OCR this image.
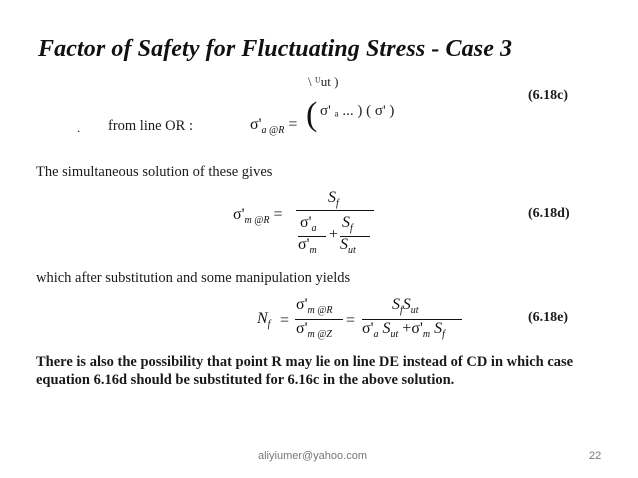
Factor of Safety for Fluctuating Stress - Case 3
\ ᵁut )
(6.18c)
. from line OR :	$\sigma'_{a @R}$ = ( σ' ₐ ... ) ( σ' )
The simultaneous solution of these gives
$\sigma'_{m @R}$ =
$S_f$
$\sigma'_a$
$\sigma'_m$
+
$S_f$
$S_{ut}$
(6.18d)
which after substitution and some manipulation yields
$N_f$ =
$\sigma'_{m @R}$
$\sigma'_{m @Z}$
=
$S_fS_{ut}$
$\sigma'_a$ $S_{ut} +\sigma'_m$ $S_f$
(6.18e)
There is also the possibility that point R may lie on line DE instead of CD in which case
equation 6.16d should be substituted for 6.16c in the above solution.
aliyiumer@yahoo.com	22
